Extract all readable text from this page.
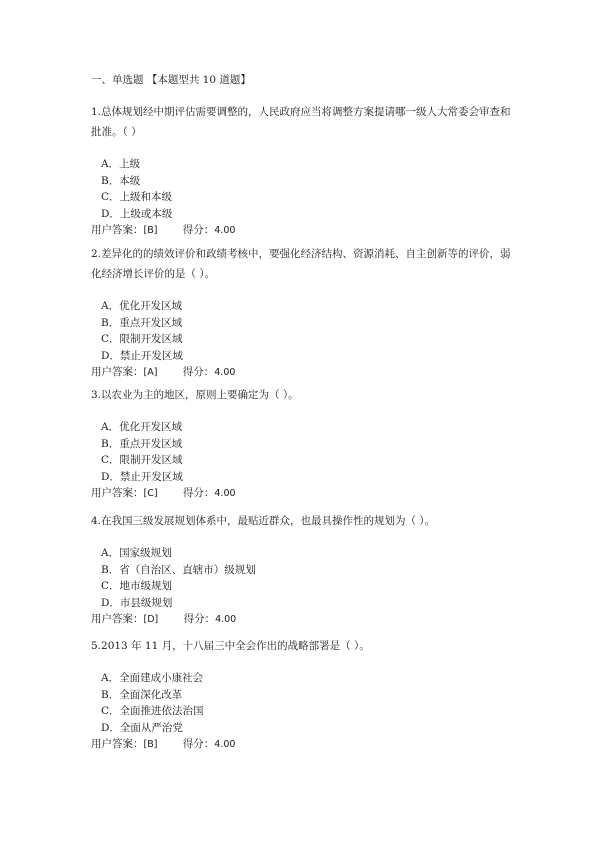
一、单选题 【本题型共 10 道题】

1.总体规划经中期评估需要调整的，人民政府应当将调整方案提请哪一级人大常委会审查和批准。（ ）

A．上级
B．本级
C．上级和本级
D．上级或本级
用户答案：[B] 得分：4.00

2.差异化的的绩效评价和政绩考核中，要强化经济结构、资源消耗、自主创新等的评价，弱化经济增长评价的是（ ）。

A．优化开发区域
B．重点开发区域
C．限制开发区域
D．禁止开发区域
用户答案：[A] 得分：4.00

3.以农业为主的地区，原则上要确定为（ ）。

A．优化开发区域
B．重点开发区域
C．限制开发区域
D．禁止开发区域
用户答案：[C] 得分：4.00

4.在我国三级发展规划体系中，最贴近群众，也最具操作性的规划为（ ）。

A．国家级规划
B．省（自治区、直辖市）级规划
C．地市级规划
D．市县级规划
用户答案：[D] 得分：4.00

5.2013 年 11 月，十八届三中全会作出的战略部署是（ ）。

A．全面建成小康社会
B．全面深化改革
C．全面推进依法治国
D．全面从严治党
用户答案：[B] 得分：4.00
